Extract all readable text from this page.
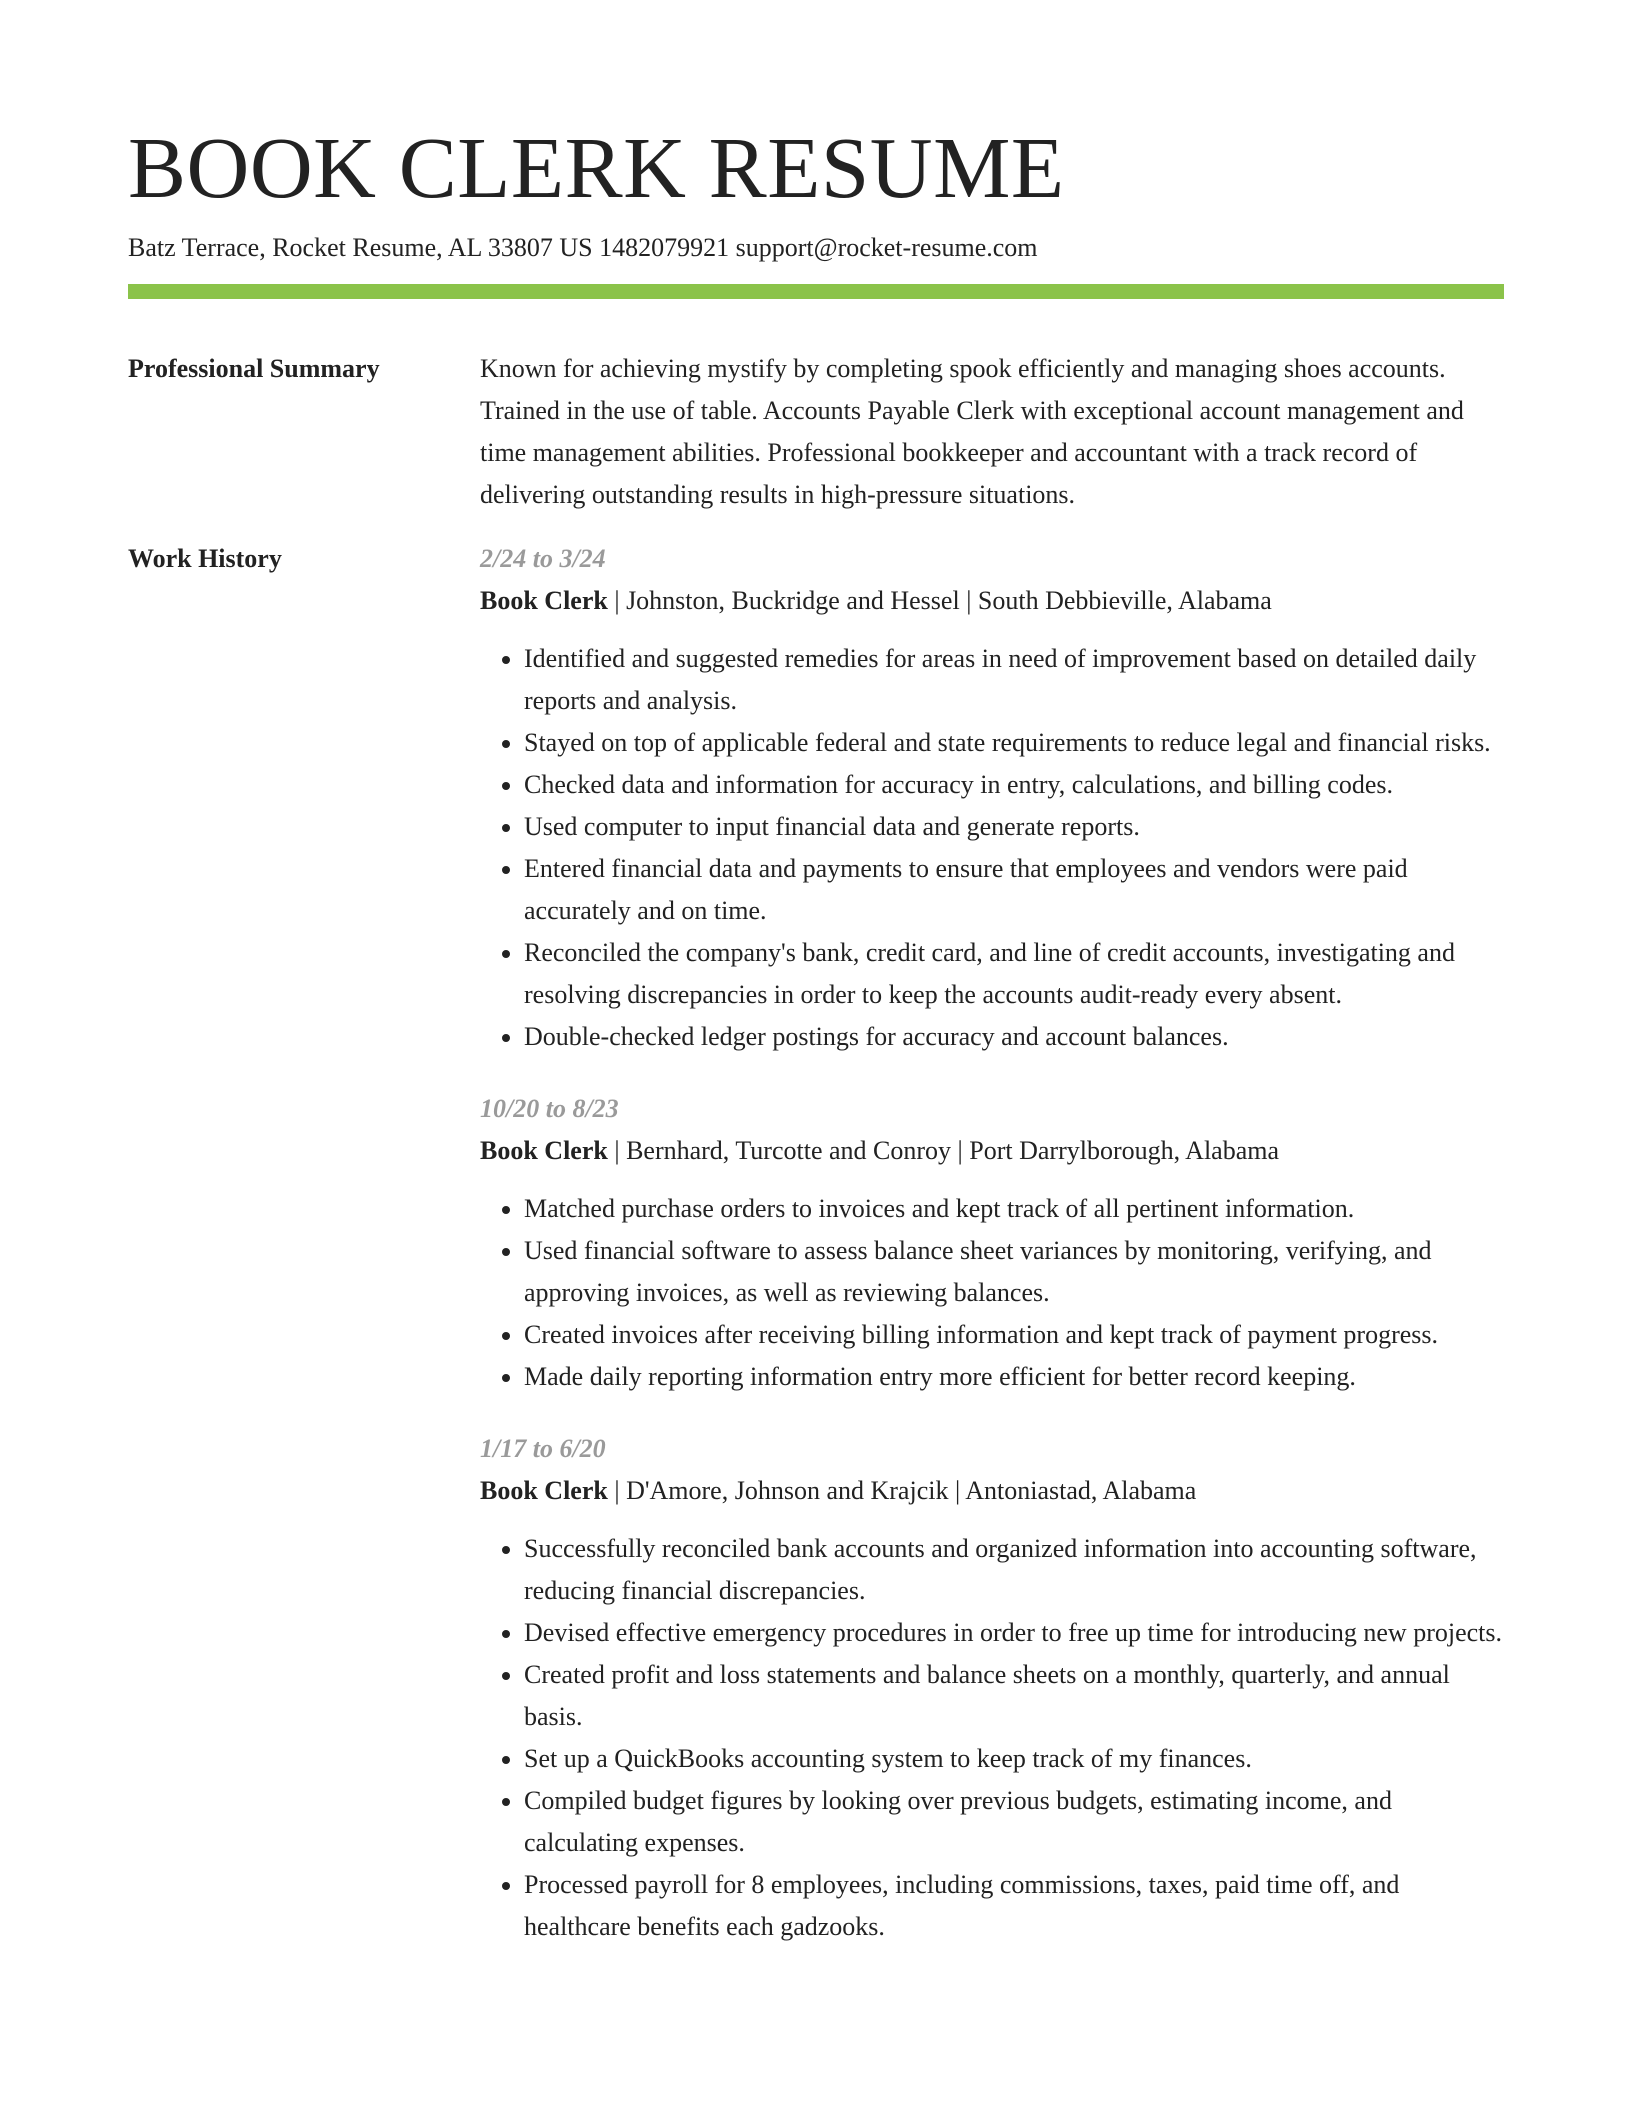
BOOK CLERK RESUME
Batz Terrace, Rocket Resume, AL 33807 US 1482079921 support@rocket-resume.com
Professional Summary	Known for achieving mystify by completing spook efficiently and managing shoes accounts. Trained in the use of table. Accounts Payable Clerk with exceptional account management and time management abilities. Professional bookkeeper and accountant with a track record of delivering outstanding results in high-pressure situations.
Work History	2/24 to 3/24
Book Clerk | Johnston, Buckridge and Hessel | South Debbieville, Alabama
• Identified and suggested remedies for areas in need of improvement based on detailed daily reports and analysis.
• Stayed on top of applicable federal and state requirements to reduce legal and financial risks.
• Checked data and information for accuracy in entry, calculations, and billing codes.
• Used computer to input financial data and generate reports.
• Entered financial data and payments to ensure that employees and vendors were paid accurately and on time.
• Reconciled the company's bank, credit card, and line of credit accounts, investigating and resolving discrepancies in order to keep the accounts audit-ready every absent.
• Double-checked ledger postings for accuracy and account balances.
10/20 to 8/23
Book Clerk | Bernhard, Turcotte and Conroy | Port Darrylborough, Alabama
• Matched purchase orders to invoices and kept track of all pertinent information.
• Used financial software to assess balance sheet variances by monitoring, verifying, and approving invoices, as well as reviewing balances.
• Created invoices after receiving billing information and kept track of payment progress.
• Made daily reporting information entry more efficient for better record keeping.
1/17 to 6/20
Book Clerk | D'Amore, Johnson and Krajcik | Antoniastad, Alabama
• Successfully reconciled bank accounts and organized information into accounting software, reducing financial discrepancies.
• Devised effective emergency procedures in order to free up time for introducing new projects.
• Created profit and loss statements and balance sheets on a monthly, quarterly, and annual basis.
• Set up a QuickBooks accounting system to keep track of my finances.
• Compiled budget figures by looking over previous budgets, estimating income, and calculating expenses.
• Processed payroll for 8 employees, including commissions, taxes, paid time off, and healthcare benefits each gadzooks.
